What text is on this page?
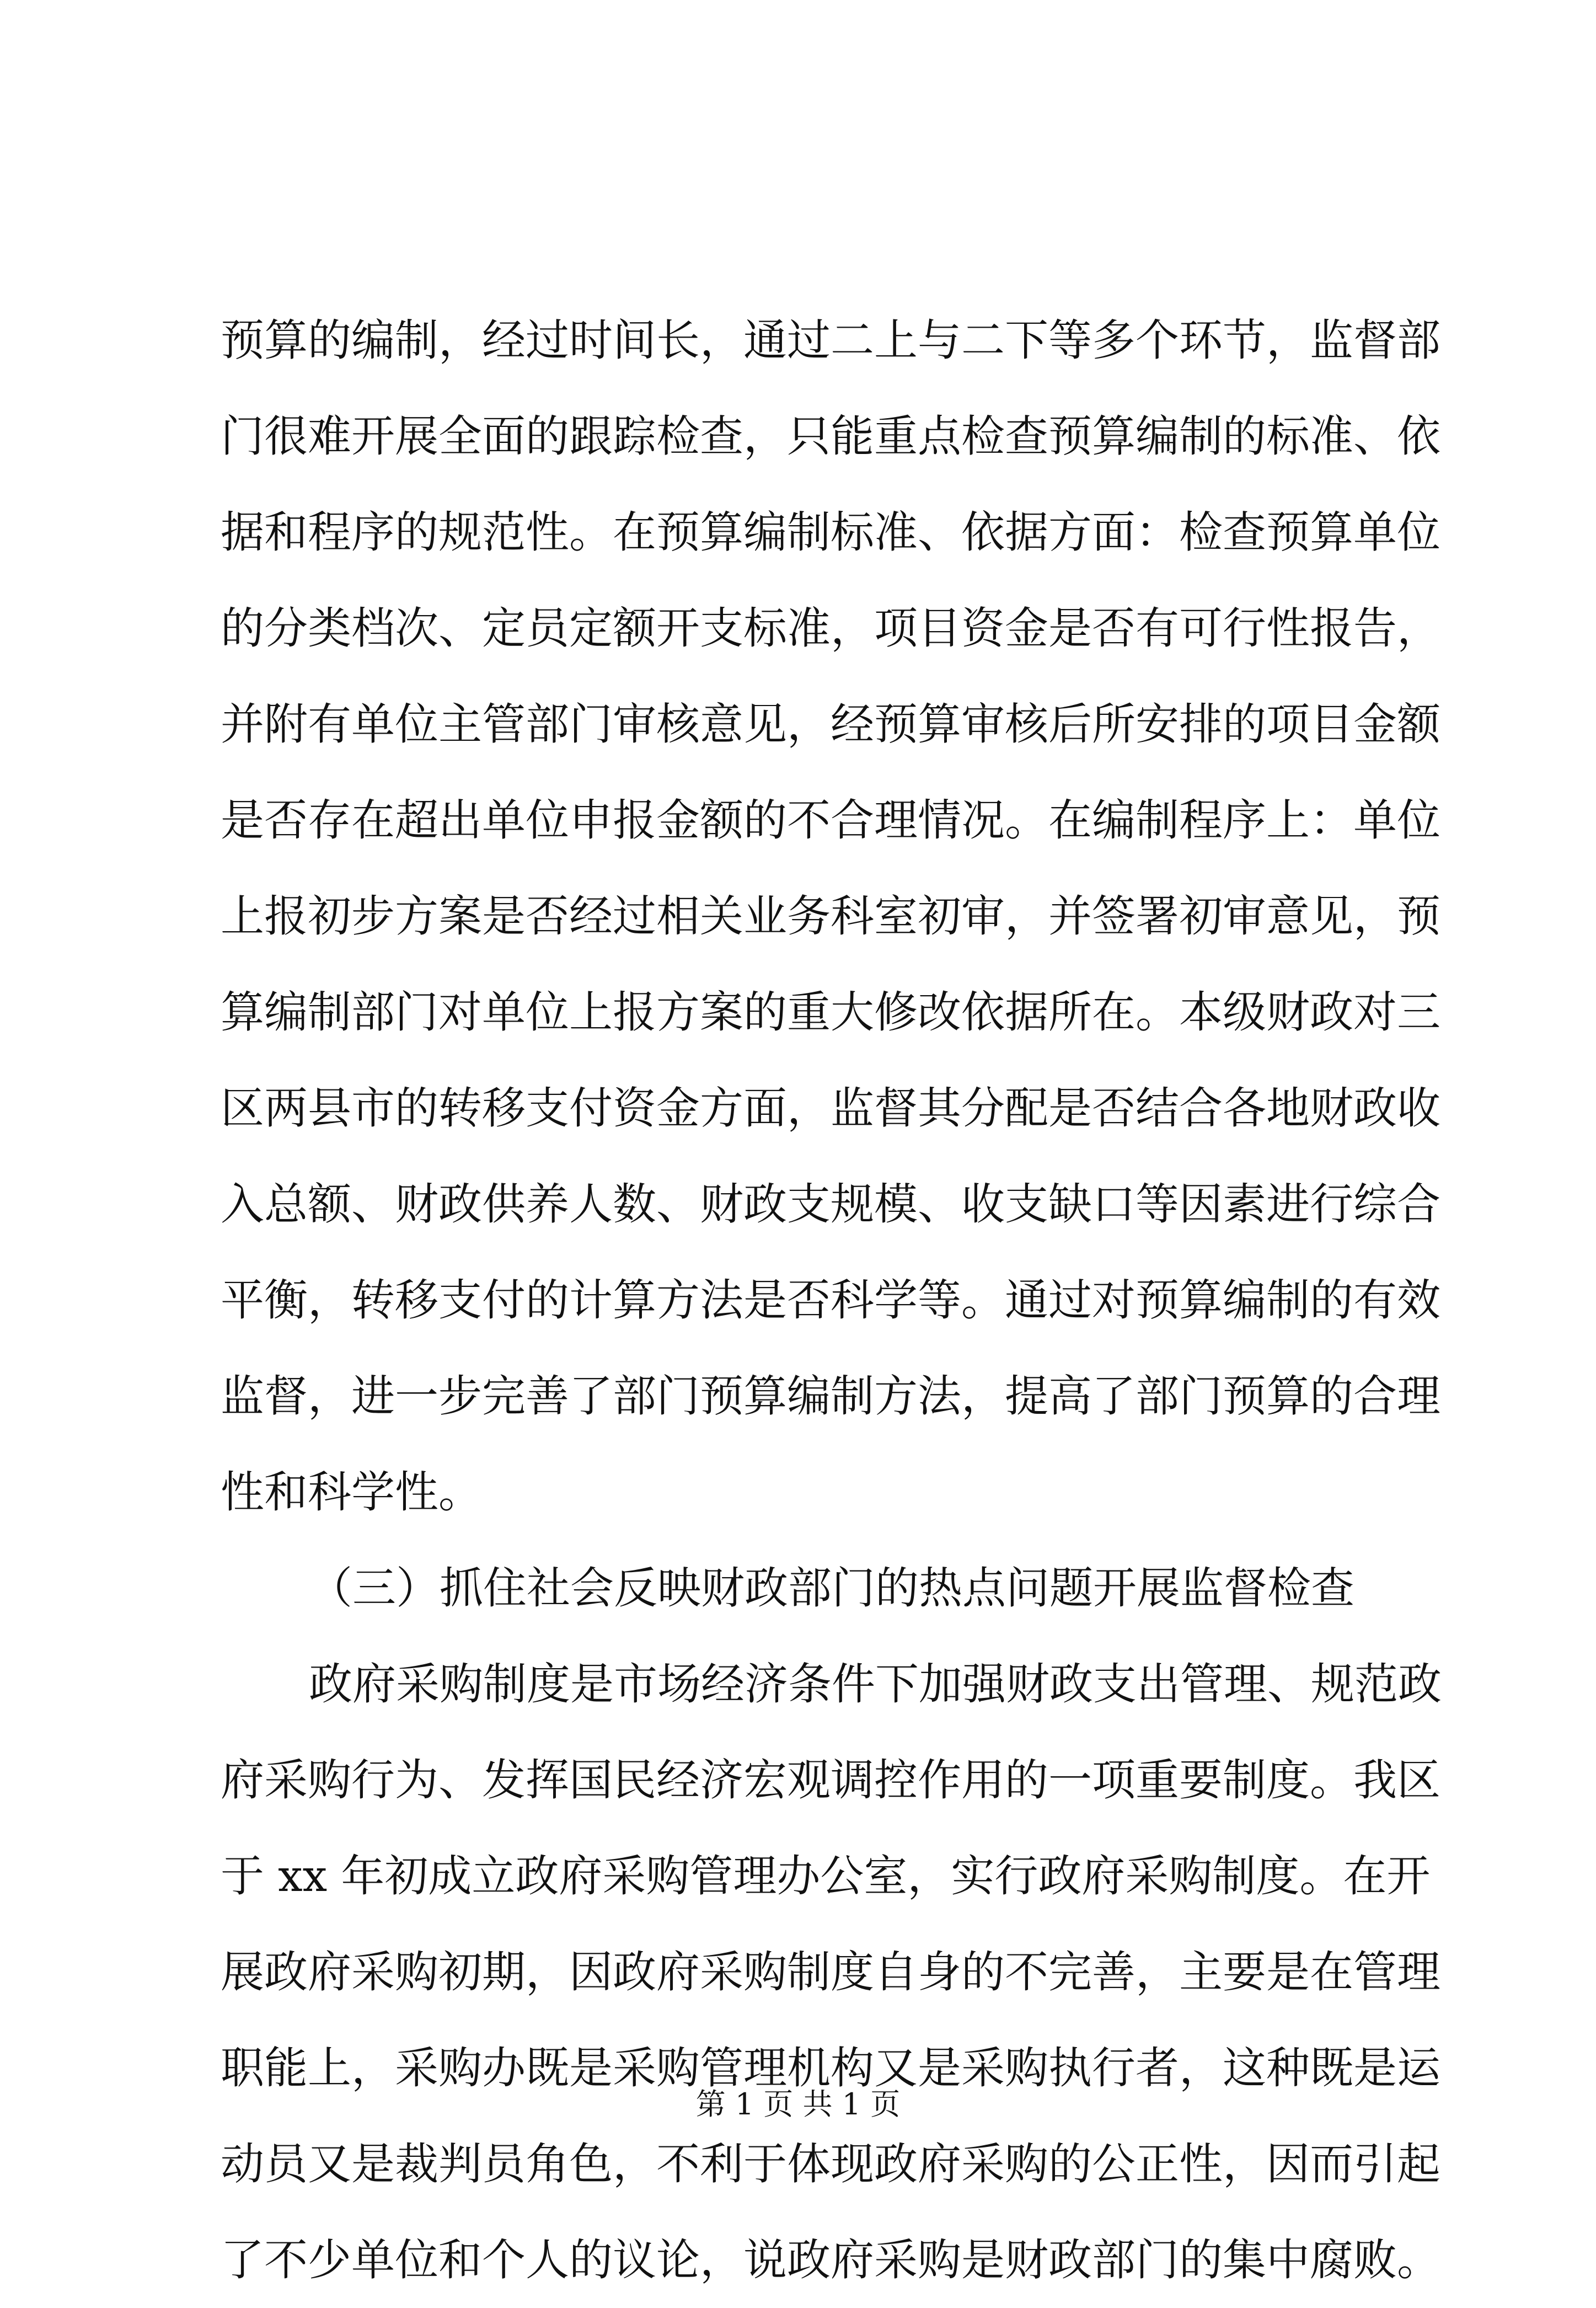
预算的编制，经过时间长，通过二上与二下等多个环节，监督部
门很难开展全面的跟踪检查，只能重点检查预算编制的标准、依
据和程序的规范性。在预算编制标准、依据方面：检查预算单位
的分类档次、定员定额开支标准，项目资金是否有可行性报告，
并附有单位主管部门审核意见，经预算审核后所安排的项目金额
是否存在超出单位申报金额的不合理情况。在编制程序上：单位
上报初步方案是否经过相关业务科室初审，并签署初审意见，预
算编制部门对单位上报方案的重大修改依据所在。本级财政对三
区两县市的转移支付资金方面，监督其分配是否结合各地财政收
入总额、财政供养人数、财政支规模、收支缺口等因素进行综合
平衡，转移支付的计算方法是否科学等。通过对预算编制的有效
监督，进一步完善了部门预算编制方法，提高了部门预算的合理
性和科学性。
（三）抓住社会反映财政部门的热点问题开展监督检查
政府采购制度是市场经济条件下加强财政支出管理、规范政
府采购行为、发挥国民经济宏观调控作用的一项重要制度。我区
于 xx 年初成立政府采购管理办公室，实行政府采购制度。在开
展政府采购初期，因政府采购制度自身的不完善，主要是在管理
职能上，采购办既是采购管理机构又是采购执行者，这种既是运
动员又是裁判员角色，不利于体现政府采购的公正性，因而引起
了不少单位和个人的议论，说政府采购是财政部门的集中腐败。
第 1 页 共 1 页
